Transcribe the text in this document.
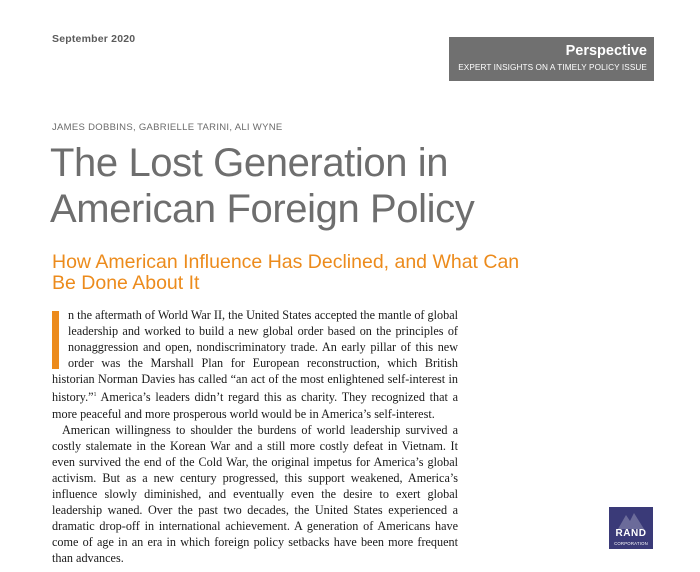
September 2020
Perspective
EXPERT INSIGHTS ON A TIMELY POLICY ISSUE
JAMES DOBBINS, GABRIELLE TARINI, ALI WYNE
The Lost Generation in American Foreign Policy
How American Influence Has Declined, and What Can Be Done About It

n the aftermath of World War II, the United States accepted the mantle of global leadership and worked to build a new global order based on the principles of nonaggression and open, nondiscriminatory trade. An early pillar of this new order was the Marshall Plan for European reconstruction, which British historian Norman Davies has called “an act of the most enlightened self-interest in history.”$^1$ America’s leaders didn’t regard this as charity. They recognized that a more peaceful and more prosperous world would be in America’s self-interest.

American willingness to shoulder the burdens of world leadership survived a costly stalemate in the Korean War and a still more costly defeat in Vietnam. It even survived the end of the Cold War, the original impetus for America’s global activism. But as a new century progressed, this support weakened, America’s influence slowly diminished, and eventually even the desire to exert global leadership waned. Over the past two decades, the United States experienced a dramatic drop-off in international achievement. A generation of Americans have come of age in an era in which foreign policy setbacks have been more frequent than advances.

RAND
CORPORATION
